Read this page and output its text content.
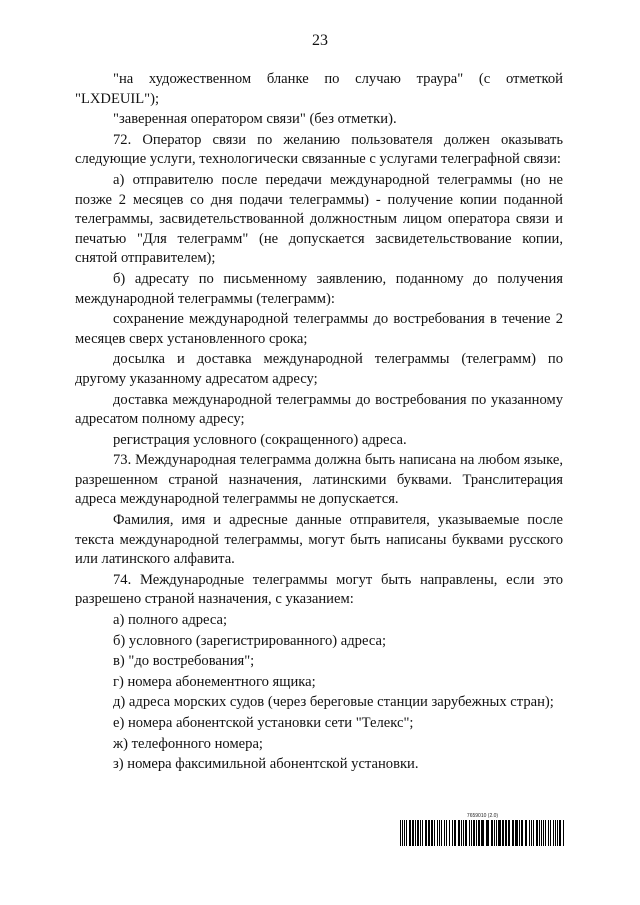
23

"на художественном бланке по случаю траура" (с отметкой "LXDEUIL");

"заверенная оператором связи" (без отметки).

72. Оператор связи по желанию пользователя должен оказывать следующие услуги, технологически связанные с услугами телеграфной связи:

а) отправителю после передачи международной телеграммы (но не позже 2 месяцев со дня подачи телеграммы) - получение копии поданной телеграммы, засвидетельствованной должностным лицом оператора связи и печатью "Для телеграмм" (не допускается засвидетельствование копии, снятой отправителем);

б) адресату по письменному заявлению, поданному до получения международной телеграммы (телеграмм):

сохранение международной телеграммы до востребования в течение 2 месяцев сверх установленного срока;

досылка и доставка международной телеграммы (телеграмм) по другому указанному адресатом адресу;

доставка международной телеграммы до востребования по указанному адресатом полному адресу;

регистрация условного (сокращенного) адреса.

73. Международная телеграмма должна быть написана на любом языке, разрешенном страной назначения, латинскими буквами. Транслитерация адреса международной телеграммы не допускается.

Фамилия, имя и адресные данные отправителя, указываемые после текста международной телеграммы, могут быть написаны буквами русского или латинского алфавита.

74. Международные телеграммы могут быть направлены, если это разрешено страной назначения, с указанием:

а) полного адреса;

б) условного (зарегистрированного) адреса;

в) "до востребования";

г) номера абонементного ящика;

д) адреса морских судов (через береговые станции зарубежных стран);

е) номера абонентской установки сети "Телекс";

ж) телефонного номера;

з) номера факсимильной абонентской установки.

7659010 (2.0)
